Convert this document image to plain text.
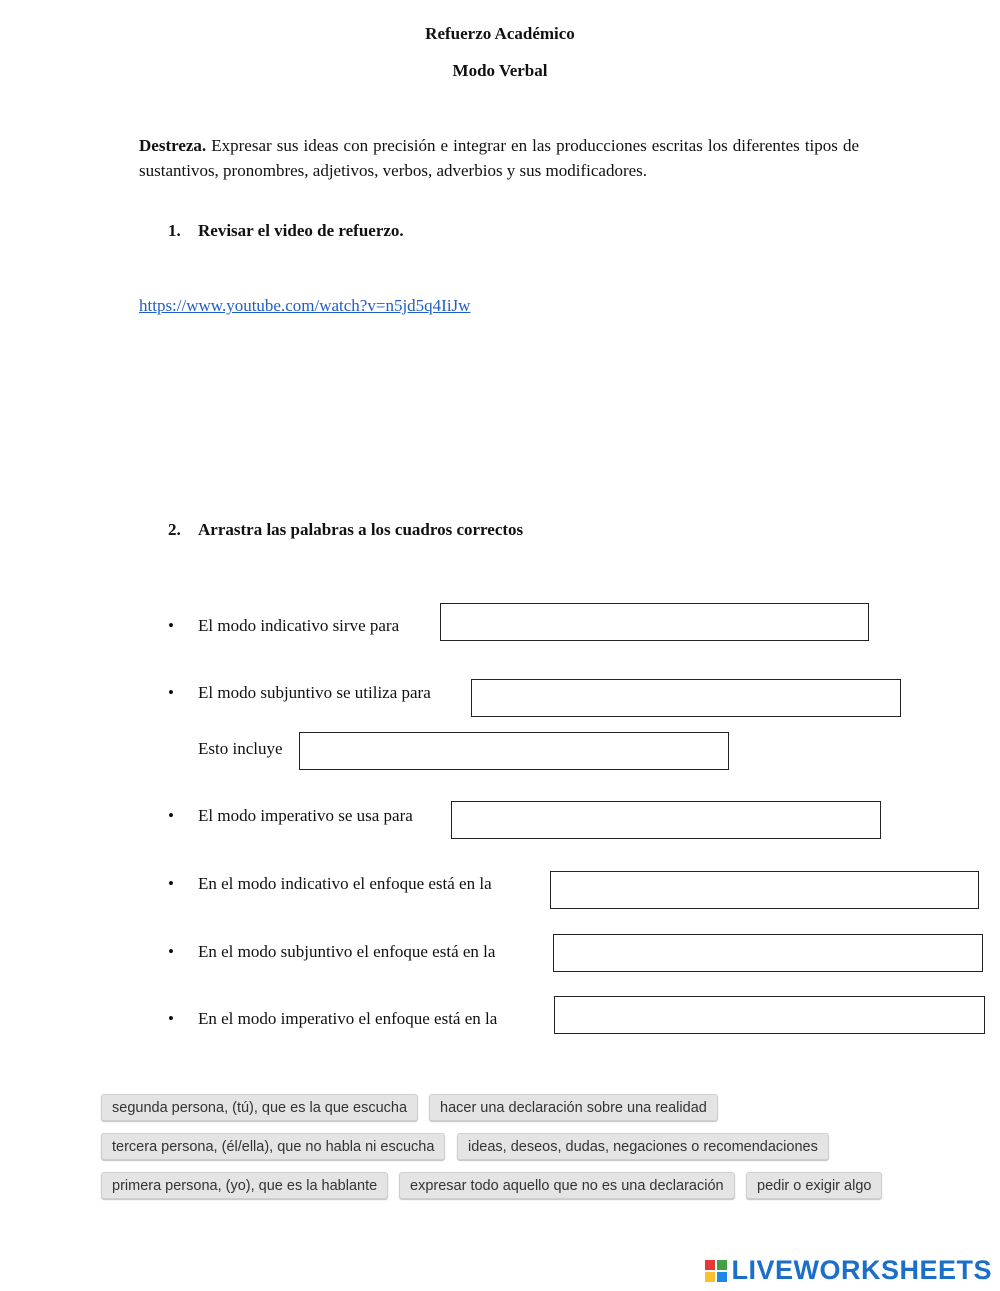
Refuerzo Académico
Modo Verbal
Destreza. Expresar sus ideas con precisión e integrar en las producciones escritas los diferentes tipos de sustantivos, pronombres, adjetivos, verbos, adverbios y sus modificadores.
1. Revisar el video de refuerzo.
https://www.youtube.com/watch?v=n5jd5q4IiJw
2. Arrastra las palabras a los cuadros correctos
• El modo indicativo sirve para
• El modo subjuntivo se utiliza para
Esto incluye
• El modo imperativo se usa para
• En el modo indicativo el enfoque está en la
• En el modo subjuntivo el enfoque está en la
• En el modo imperativo el enfoque está en la
segunda persona, (tú), que es la que escucha	hacer una declaración sobre una realidad
tercera persona, (él/ella), que no habla ni escucha	ideas, deseos, dudas, negaciones o recomendaciones
primera persona, (yo), que es la hablante	expresar todo aquello que no es una declaración	pedir o exigir algo
LIVEWORKSHEETS
